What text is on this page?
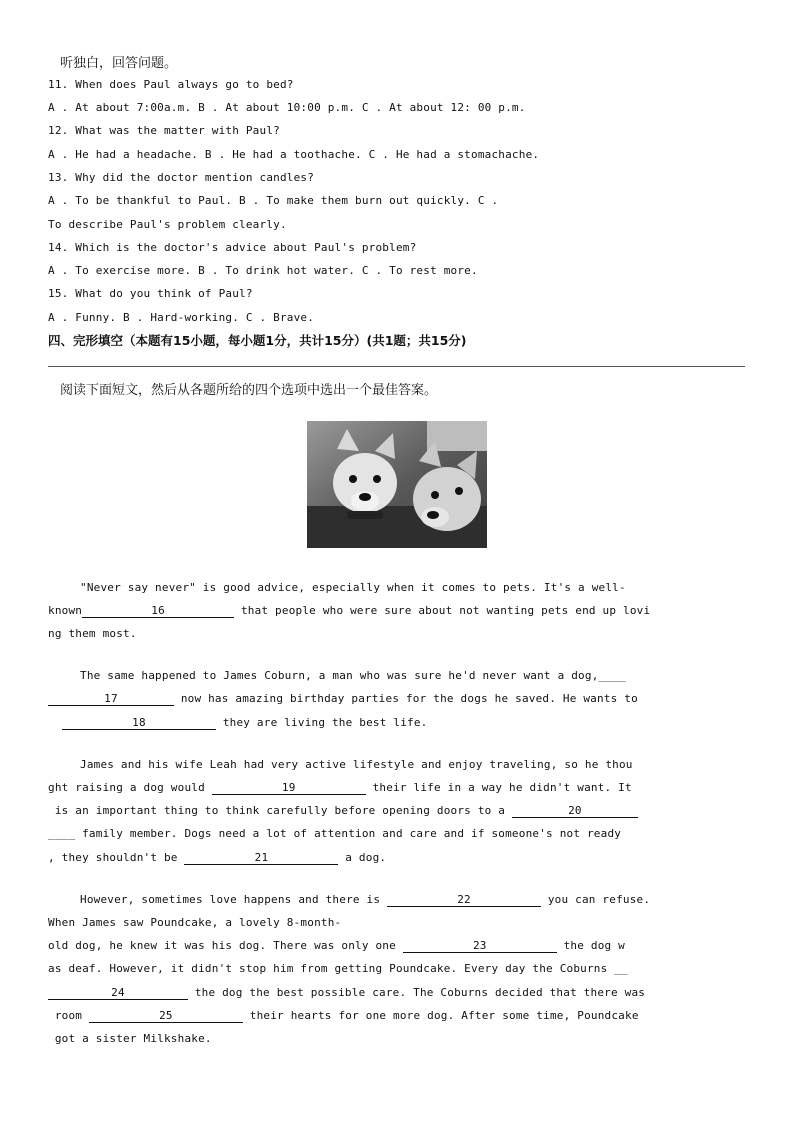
听独白，回答问题。
11. When does Paul always go to bed?
A . At about 7:00a.m. B . At about 10:00 p.m. C . At about 12: 00 p.m.
12. What was the matter with Paul?
A . He had a headache. B . He had a toothache. C . He had a stomachache.
13. Why did the doctor mention candles?
A . To be thankful to Paul. B . To make them burn out quickly. C .
To describe Paul's problem clearly.
14. Which is the doctor's advice about Paul's problem?
A . To exercise more. B . To drink hot water. C . To rest more.
15. What do you think of Paul?
A . Funny. B . Hard-working. C . Brave.
四、完形填空（本题有15小题，每小题1分，共计15分）(共1题；共15分)
阅读下面短文，然后从各题所给的四个选项中选出一个最佳答案。
"Never say never" is good advice, especially when it comes to pets. It's a well-
known	16	that people who were sure about not wanting pets end up lovi
ng them most.
The same happened to James Coburn, a man who was sure he'd never want a dog,____
17	now has amazing birthday parties for the dogs he saved. He wants to
18	they are living the best life.
James and his wife Leah had very active lifestyle and enjoy traveling, so he thou
ght raising a dog would	19	their life in a way he didn't want. It
is an important thing to think carefully before opening doors to a	20
____ family member. Dogs need a lot of attention and care and if someone's not ready
, they shouldn't be	21	a dog.
However, sometimes love happens and there is	22	you can refuse.
When James saw Poundcake, a lovely 8-month-
old dog, he knew it was his dog. There was only one	23	the dog w
as deaf. However, it didn't stop him from getting Poundcake. Every day the Coburns __
24	the dog the best possible care. The Coburns decided that there was
room	25	their hearts for one more dog. After some time, Poundcake
got a sister Milkshake.
